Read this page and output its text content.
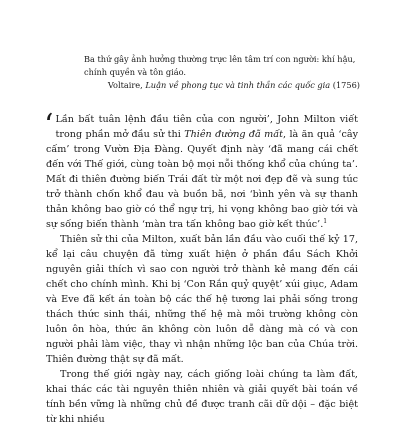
Ba thứ gây ảnh hưởng thường trực lên tâm trí con người: khí hậu, chính quyền và tôn giáo.
Voltaire, Luận về phong tục và tinh thần các quốc gia (1756)

‘ Lần bất tuân lệnh đầu tiên của con người’, John Milton viết trong phần mở đầu sử thi Thiên đường đã mất, là ăn quả ‘cây cấm’ trong Vườn Địa Đàng. Quyết định này ‘đã mang cái chết đến với Thế giới, cùng toàn bộ mọi nỗi thống khổ của chúng ta’. Mất đi thiên đường biến Trái đất từ một nơi đẹp đẽ và sung túc trở thành chốn khổ đau và buồn bã, nơi ‘bình yên và sự thanh thản không bao giờ có thể ngự trị, hi vọng không bao giờ tới và sự sống biến thành ‘màn tra tấn không bao giờ kết thúc’.$^1$

Thiên sử thi của Milton, xuất bản lần đầu vào cuối thế kỷ 17, kể lại câu chuyện đã từng xuất hiện ở phần đầu Sách Khởi nguyên giải thích vì sao con người trở thành kẻ mang đến cái chết cho chính mình. Khi bị ‘Con Rắn quỷ quyệt’ xúi giục, Adam và Eve đã kết án toàn bộ các thế hệ tương lai phải sống trong thách thức sinh thái, những thế hệ mà môi trường không còn luôn ôn hòa, thức ăn không còn luôn dễ dàng mà có và con người phải làm việc, thay vì nhận những lộc ban của Chúa trời. Thiên đường thật sự đã mất.

Trong thế giới ngày nay, cách giống loài chúng ta làm đất, khai thác các tài nguyên thiên nhiên và giải quyết bài toán về tính bền vững là những chủ đề được tranh cãi dữ dội – đặc biệt từ khi nhiều
